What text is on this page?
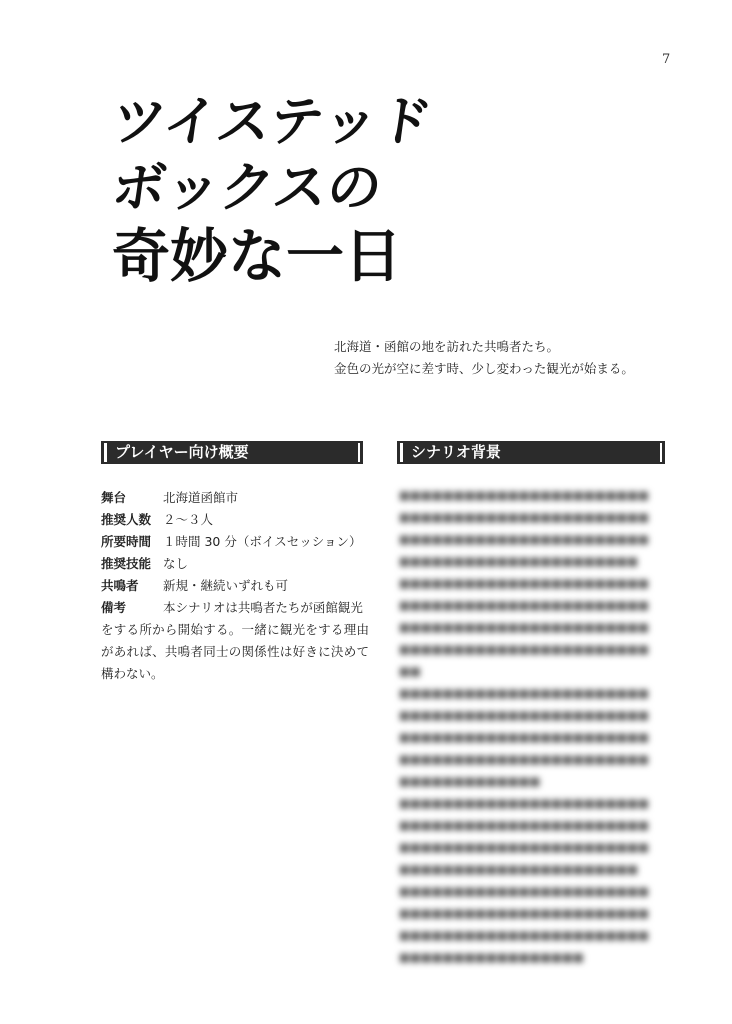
7
ツイステッド
ボックスの
奇妙な一日
北海道・函館の地を訪れた共鳴者たち。
金色の光が空に差す時、少し変わった観光が始まる。
プレイヤー向け概要	シナリオ背景
舞台	北海道函館市
推奨人数 ２～３人
所要時間 １時間 30 分（ボイスセッション）
推奨技能 なし
共鳴者	新規・継続いずれも可
備考	本シナリオは共鳴者たちが函館観光
をする所から開始する。一緒に観光をする理由があれば、共鳴者同士の関係性は好きに決めて構わない。
■■■■■■■■■■■■■■■■■■■■■■■
■■■■■■■■■■■■■■■■■■■■■■■
■■■■■■■■■■■■■■■■■■■■■■■
■■■■■■■■■■■■■■■■■■■■■■
■■■■■■■■■■■■■■■■■■■■■■■
■■■■■■■■■■■■■■■■■■■■■■■
■■■■■■■■■■■■■■■■■■■■■■■
■■■■■■■■■■■■■■■■■■■■■■■
■■
■■■■■■■■■■■■■■■■■■■■■■■
■■■■■■■■■■■■■■■■■■■■■■■
■■■■■■■■■■■■■■■■■■■■■■■
■■■■■■■■■■■■■■■■■■■■■■■
■■■■■■■■■■■■■
■■■■■■■■■■■■■■■■■■■■■■■
■■■■■■■■■■■■■■■■■■■■■■■
■■■■■■■■■■■■■■■■■■■■■■■
■■■■■■■■■■■■■■■■■■■■■■
■■■■■■■■■■■■■■■■■■■■■■■
■■■■■■■■■■■■■■■■■■■■■■■
■■■■■■■■■■■■■■■■■■■■■■■
■■■■■■■■■■■■■■■■■
